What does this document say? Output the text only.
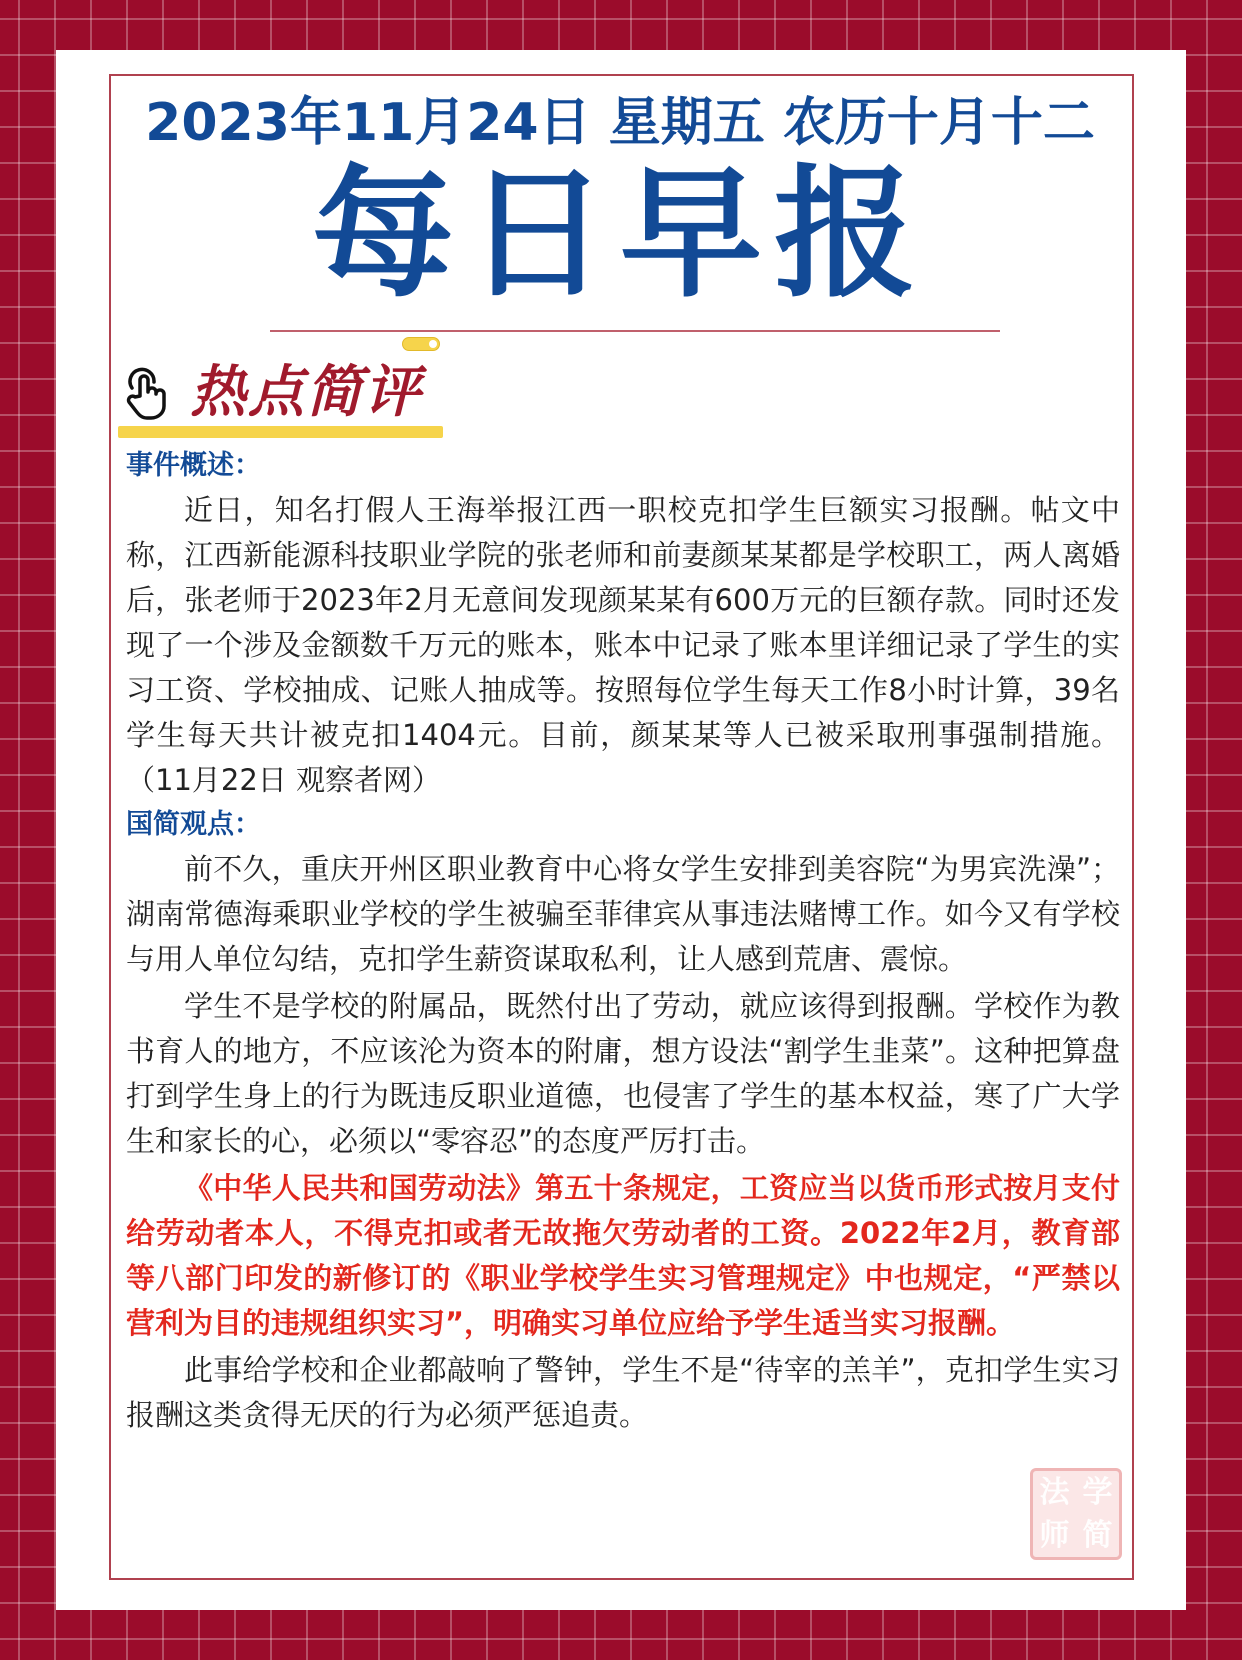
2023年11月24日 星期五 农历十月十二
每日早报
热点简评
事件概述：

近日，知名打假人王海举报江西一职校克扣学生巨额实习报酬。帖文中称，江西新能源科技职业学院的张老师和前妻颜某某都是学校职工，两人离婚后，张老师于2023年2月无意间发现颜某某有600万元的巨额存款。同时还发现了一个涉及金额数千万元的账本，账本中记录了账本里详细记录了学生的实习工资、学校抽成、记账人抽成等。按照每位学生每天工作8小时计算，39名学生每天共计被克扣1404元。目前，颜某某等人已被采取刑事强制措施。（11月22日 观察者网）

国简观点：

前不久，重庆开州区职业教育中心将女学生安排到美容院“为男宾洗澡”；湖南常德海乘职业学校的学生被骗至菲律宾从事违法赌博工作。如今又有学校与用人单位勾结，克扣学生薪资谋取私利，让人感到荒唐、震惊。

学生不是学校的附属品，既然付出了劳动，就应该得到报酬。学校作为教书育人的地方，不应该沦为资本的附庸，想方设法“割学生韭菜”。这种把算盘打到学生身上的行为既违反职业道德，也侵害了学生的基本权益，寒了广大学生和家长的心，必须以“零容忍”的态度严厉打击。

《中华人民共和国劳动法》第五十条规定，工资应当以货币形式按月支付给劳动者本人，不得克扣或者无故拖欠劳动者的工资。2022年2月，教育部等八部门印发的新修订的《职业学校学生实习管理规定》中也规定，“严禁以营利为目的违规组织实习”，明确实习单位应给予学生适当实习报酬。

此事给学校和企业都敲响了警钟，学生不是“待宰的羔羊”，克扣学生实习报酬这类贪得无厌的行为必须严惩追责。

法 学
师 简
